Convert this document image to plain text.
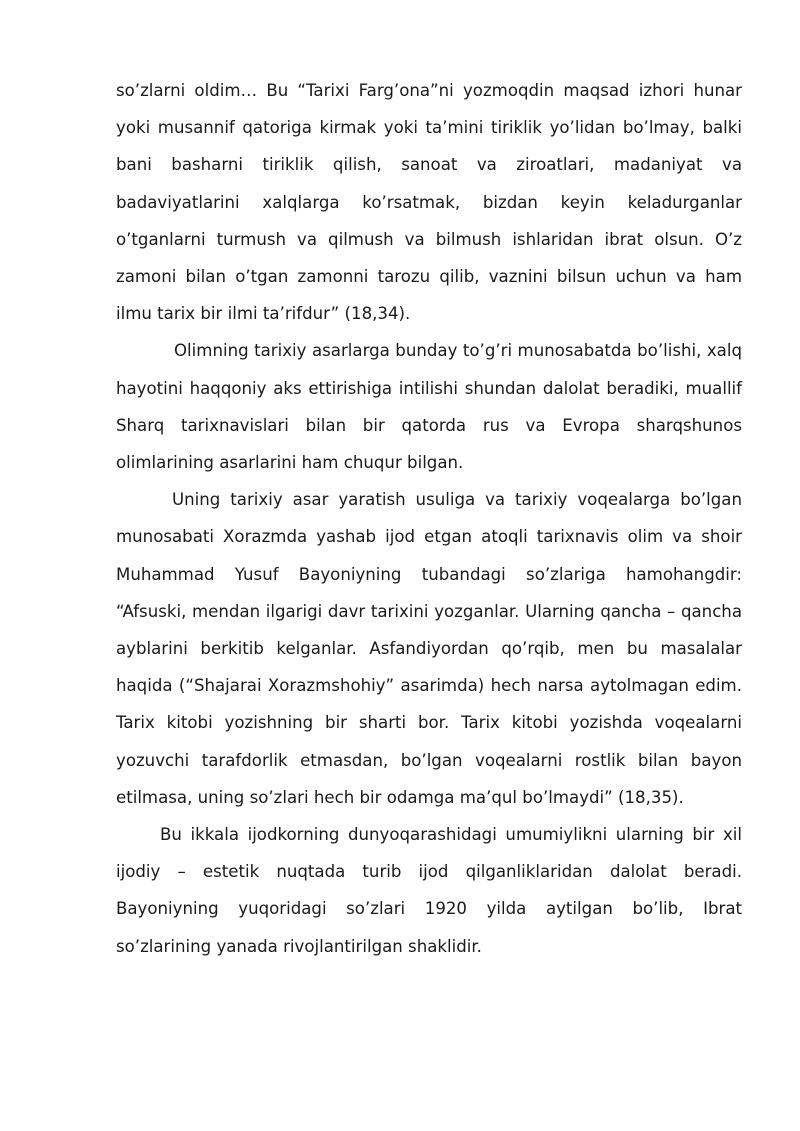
so’zlarni oldim… Bu “Tarixi Farg’ona”ni yozmoqdin maqsad izhori hunar yoki musannif qatoriga kirmak yoki ta’mini tiriklik yo’lidan bo’lmay, balki bani basharni tiriklik qilish, sanoat va ziroatlari, madaniyat va badaviyatlarini xalqlarga ko’rsatmak, bizdan keyin keladurganlar o’tganlarni turmush va qilmush va bilmush ishlaridan ibrat olsun. O’z zamoni bilan o’tgan zamonni tarozu qilib, vaznini bilsun uchun va ham ilmu tarix bir ilmi ta’rifdur” (18,34).

Olimning tarixiy asarlarga bunday to’g’ri munosabatda bo’lishi, xalq hayotini haqqoniy aks ettirishiga intilishi shundan dalolat beradiki, muallif Sharq tarixnavislari bilan bir qatorda rus va Evropa sharqshunos olimlarining asarlarini ham chuqur bilgan.

Uning tarixiy asar yaratish usuliga va tarixiy voqealarga bo’lgan munosabati Xorazmda yashab ijod etgan atoqli tarixnavis olim va shoir Muhammad Yusuf Bayoniyning tubandagi so’zlariga hamohangdir: “Afsuski, mendan ilgarigi davr tarixini yozganlar. Ularning qancha – qancha ayblarini berkitib kelganlar. Asfandiyordan qo’rqib, men bu masalalar haqida (“Shajarai Xorazmshohiy” asarimda) hech narsa aytolmagan edim. Tarix kitobi yozishning bir sharti bor. Tarix kitobi yozishda voqealarni yozuvchi tarafdorlik etmasdan, bo’lgan voqealarni rostlik bilan bayon etilmasa, uning so’zlari hech bir odamga ma’qul bo’lmaydi” (18,35).

Bu ikkala ijodkorning dunyoqarashidagi umumiylikni ularning bir xil ijodiy – estetik nuqtada turib ijod qilganliklaridan dalolat beradi. Bayoniyning yuqoridagi so’zlari 1920 yilda aytilgan bo’lib, Ibrat so’zlarining yanada rivojlantirilgan shaklidir.
